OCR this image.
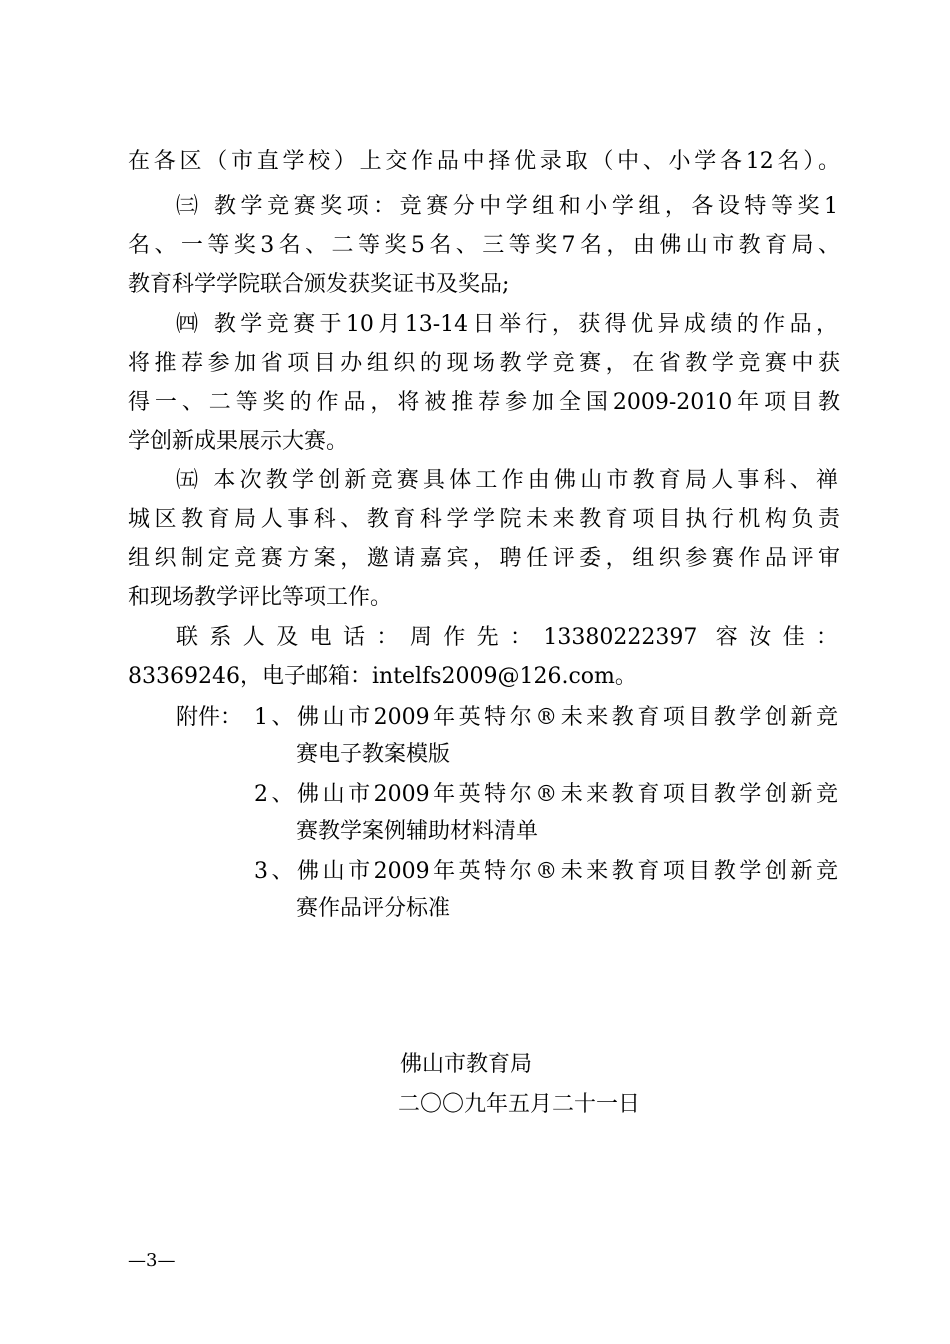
在各区（市直学校）上交作品中择优录取（中、小学各12名）。
㈢ 教学竞赛奖项：竞赛分中学组和小学组，各设特等奖1
名、一等奖3名、二等奖5名、三等奖7名，由佛山市教育局、
教育科学学院联合颁发获奖证书及奖品;
㈣ 教学竞赛于10月13-14日举行，获得优异成绩的作品，
将推荐参加省项目办组织的现场教学竞赛，在省教学竞赛中获
得一、二等奖的作品，将被推荐参加全国2009-2010年项目教
学创新成果展示大赛。
㈤ 本次教学创新竞赛具体工作由佛山市教育局人事科、禅
城区教育局人事科、教育科学学院未来教育项目执行机构负责
组织制定竞赛方案，邀请嘉宾，聘任评委，组织参赛作品评审
和现场教学评比等项工作。
联系人及电话：周作先：13380222397 容汝佳：
83369246，电子邮箱：intelfs2009@126.com。
附件： 1、佛山市2009年英特尔®未来教育项目教学创新竞
赛电子教案模版
2、佛山市2009年英特尔®未来教育项目教学创新竞
赛教学案例辅助材料清单
3、佛山市2009年英特尔®未来教育项目教学创新竞
赛作品评分标准
佛山市教育局
二〇〇九年五月二十一日
—3—
